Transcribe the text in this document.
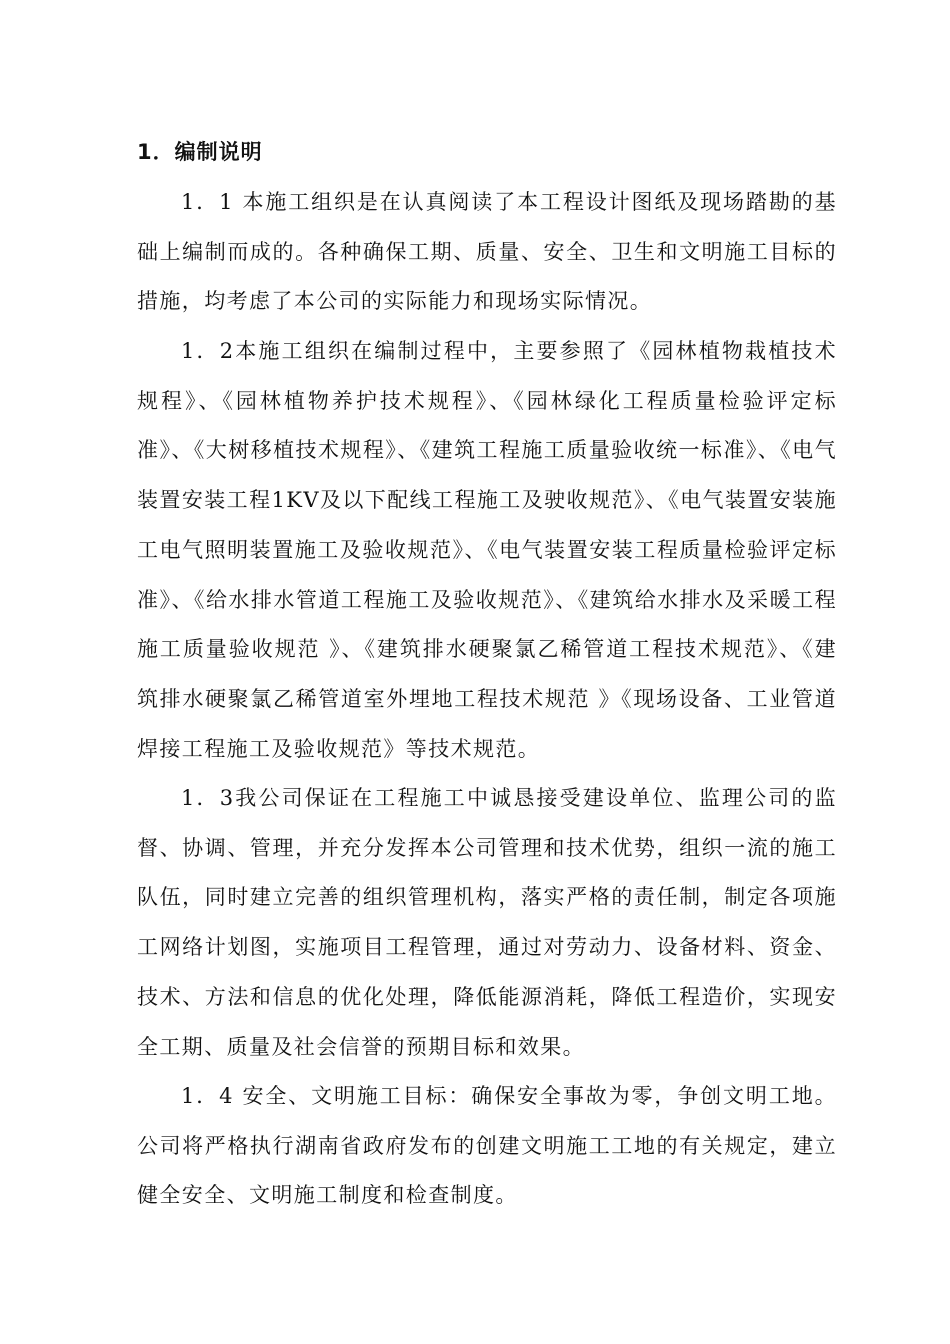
1．编制说明

1．1 本施工组织是在认真阅读了本工程设计图纸及现场踏勘的基础上编制而成的。各种确保工期、质量、安全、卫生和文明施工目标的措施，均考虑了本公司的实际能力和现场实际情况。

1．2本施工组织在编制过程中，主要参照了《园林植物栽植技术规程》、《园林植物养护技术规程》、《园林绿化工程质量检验评定标准》、《大树移植技术规程》、《建筑工程施工质量验收统一标准》、《电气装置安装工程1KV及以下配线工程施工及驶收规范》、《电气装置安装施工电气照明装置施工及验收规范》、《电气装置安装工程质量检验评定标准》、《给水排水管道工程施工及验收规范》、《建筑给水排水及采暖工程施工质量验收规范 》、《建筑排水硬聚氯乙稀管道工程技术规范》、《建筑排水硬聚氯乙稀管道室外埋地工程技术规范 》《现场设备、工业管道焊接工程施工及验收规范》等技术规范。

1．3我公司保证在工程施工中诚恳接受建设单位、监理公司的监督、协调、管理，并充分发挥本公司管理和技术优势，组织一流的施工队伍，同时建立完善的组织管理机构，落实严格的责任制，制定各项施工网络计划图，实施项目工程管理，通过对劳动力、设备材料、资金、技术、方法和信息的优化处理，降低能源消耗，降低工程造价，实现安全工期、质量及社会信誉的预期目标和效果。

1．4 安全、文明施工目标：确保安全事故为零，争创文明工地。公司将严格执行湖南省政府发布的创建文明施工工地的有关规定，建立健全安全、文明施工制度和检查制度。
